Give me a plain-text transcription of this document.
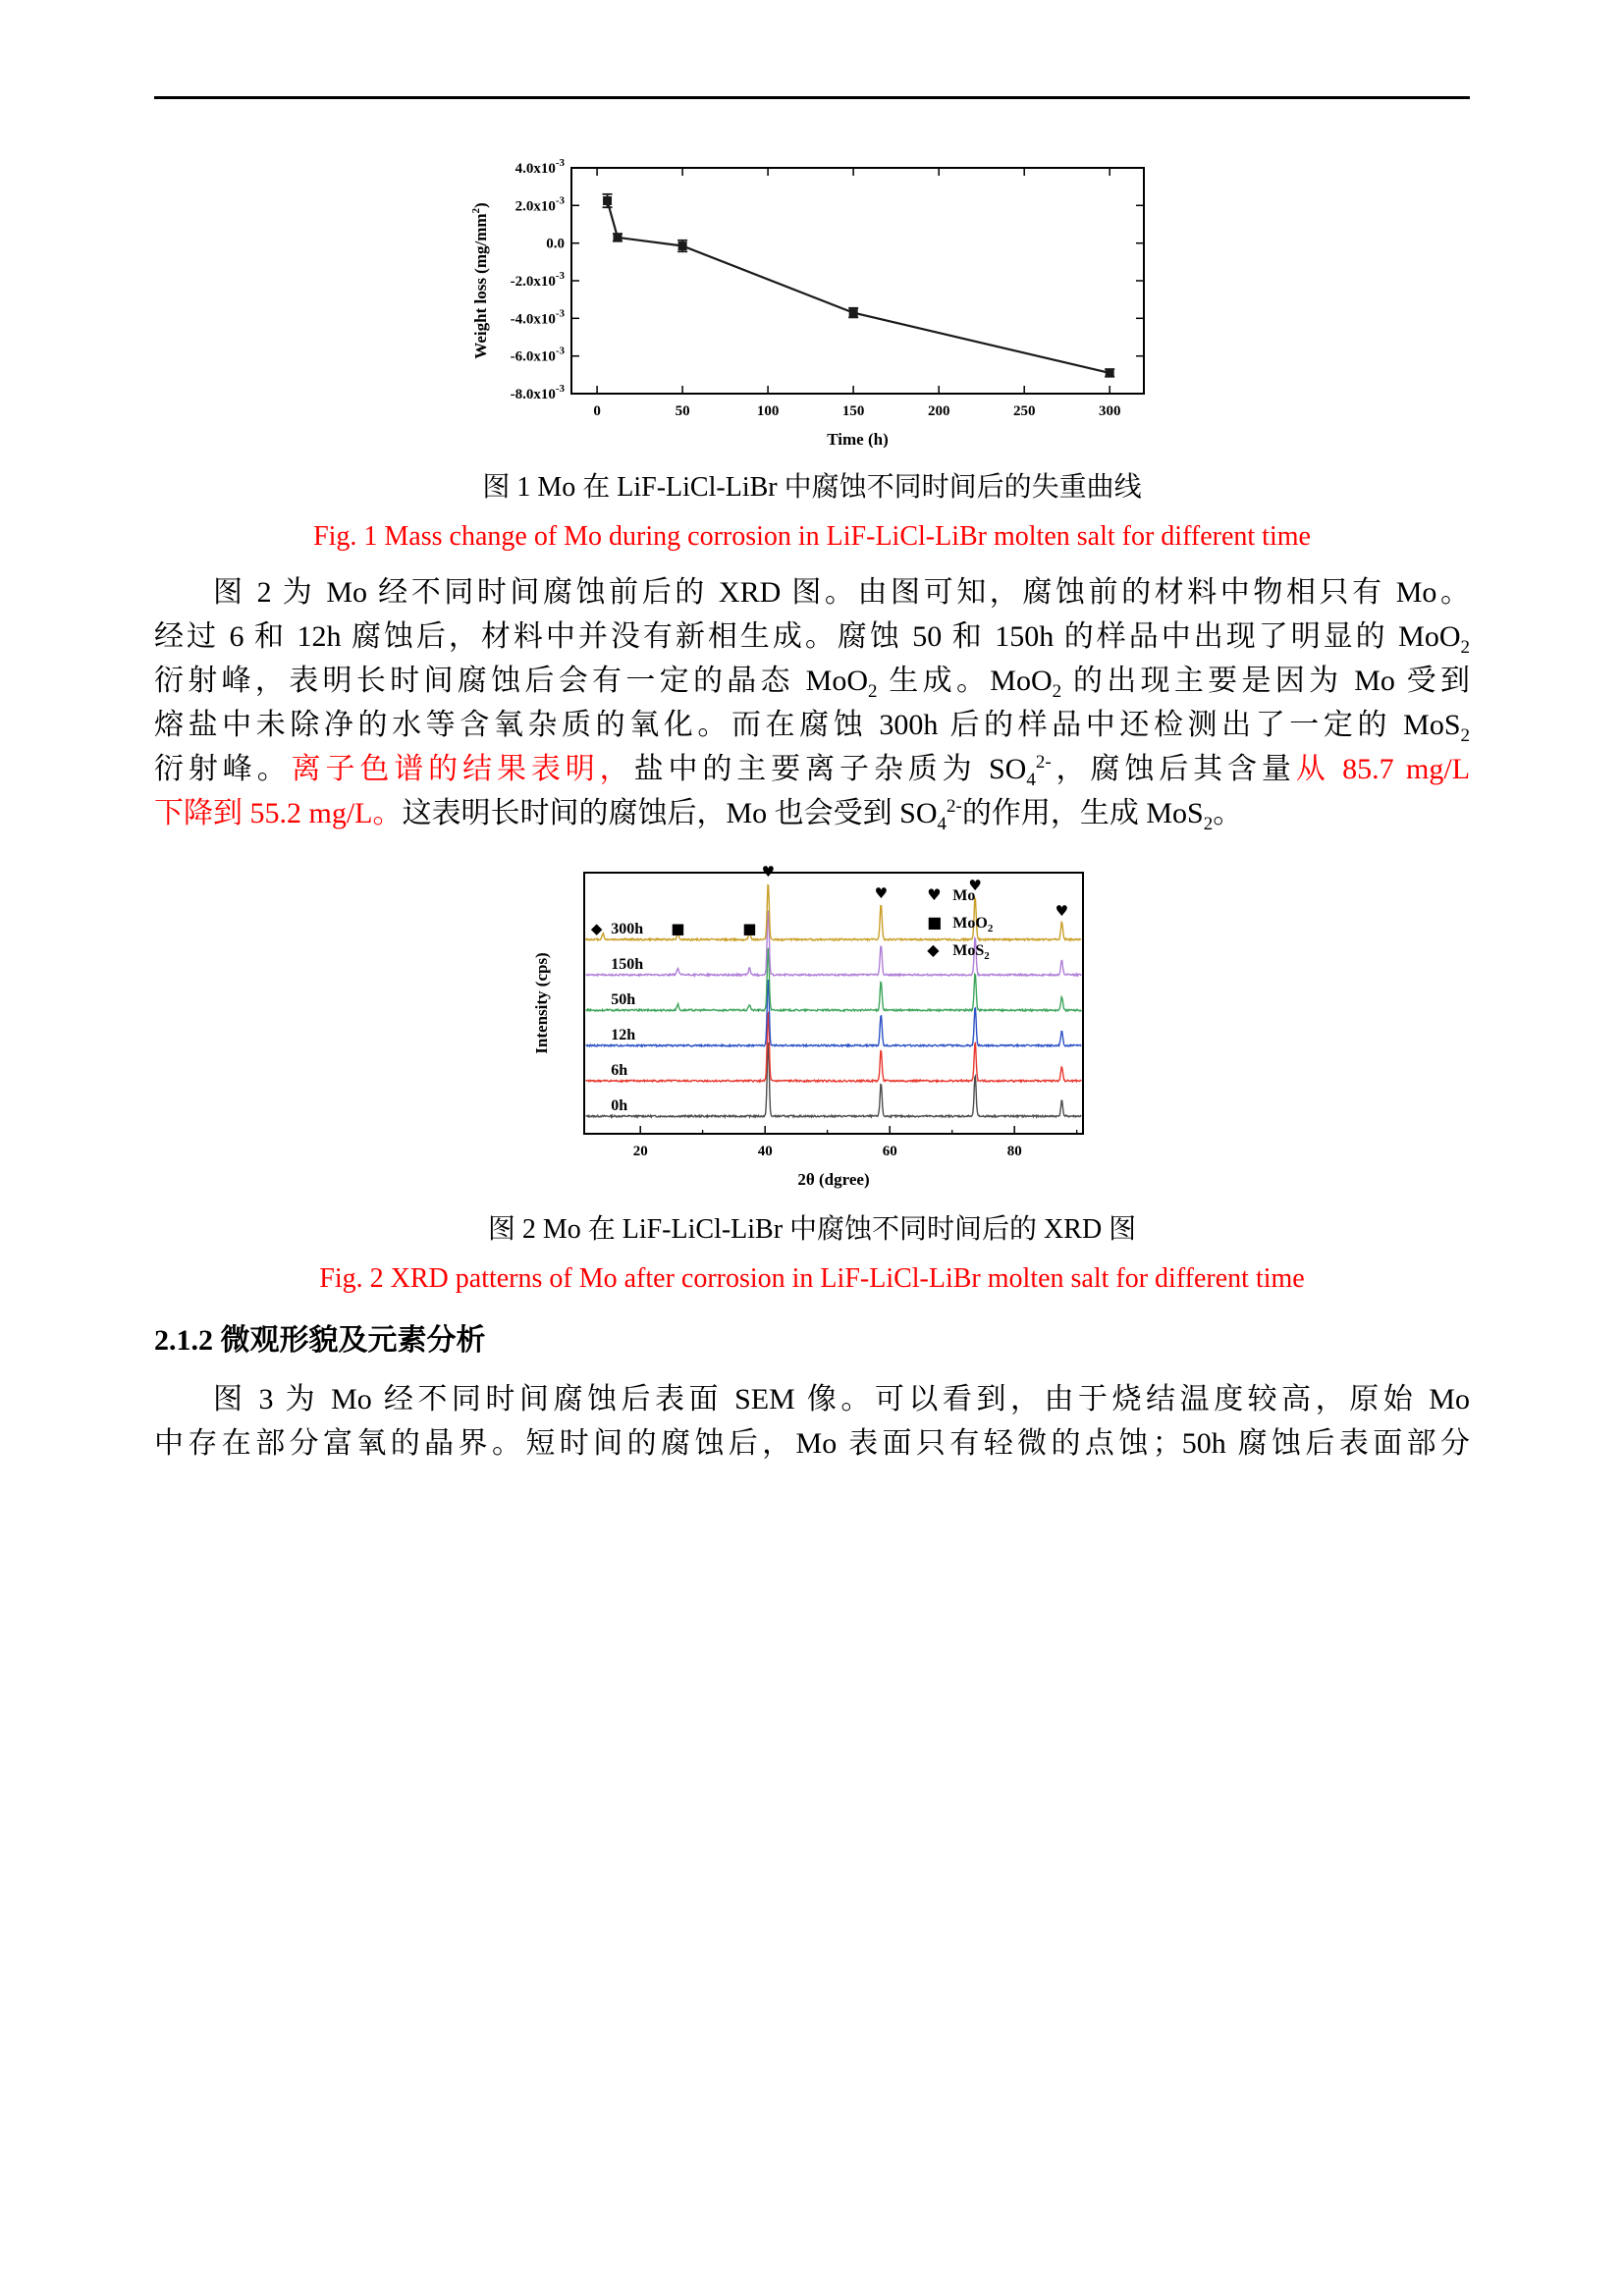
$4.0x10^{-3}$
$2.0x10^{-3}$
0.0
$-2.0x10^{-3}$
$-4.0x10^{-3}$
$-6.0x10^{-3}$
$-8.0x10^{-3}$
0	50	100	150	200	250	300
Time (h)
Weight loss $(mg/mm^2)$
图 1 Mo 在 LiF-LiCl-LiBr 中腐蚀不同时间后的失重曲线
Fig. 1 Mass change of Mo during corrosion in LiF-LiCl-LiBr molten salt for different time
图 2 为 Mo 经不同时间腐蚀前后的 XRD 图。由图可知，腐蚀前的材料中物相只有 Mo。
经过 6 和 12h 腐蚀后，材料中并没有新相生成。腐蚀 50 和 150h 的样品中出现了明显的 MoO$_2$
衍射峰，表明长时间腐蚀后会有一定的晶态 MoO$_2$ 生成。MoO$_2$ 的出现主要是因为 Mo 受到
熔盐中未除净的水等含氧杂质的氧化。而在腐蚀 300h 后的样品中还检测出了一定的 MoS$_2$
衍射峰。离子色谱的结果表明，盐中的主要离子杂质为 $SO_4^{2-}$，腐蚀后其含量从 85.7 mg/L
下降到 55.2 mg/L。这表明长时间的腐蚀后，Mo 也会受到 $SO_4^{2-}$的作用，生成 MoS$_2$。
20	40	60	80
0h
6h
12h
50h
150h
300h
◆	■	■
♥
♥	♥
♥
♥ Mo
■ MoO$_2$
◆ MoS$_2$
2θ (dgree)
Intensity (cps)
图 2 Mo 在 LiF-LiCl-LiBr 中腐蚀不同时间后的 XRD 图
Fig. 2 XRD patterns of Mo after corrosion in LiF-LiCl-LiBr molten salt for different time
2.1.2 微观形貌及元素分析
图 3 为 Mo 经不同时间腐蚀后表面 SEM 像。可以看到，由于烧结温度较高，原始 Mo
中存在部分富氧的晶界。短时间的腐蚀后，Mo 表面只有轻微的点蚀；50h 腐蚀后表面部分
